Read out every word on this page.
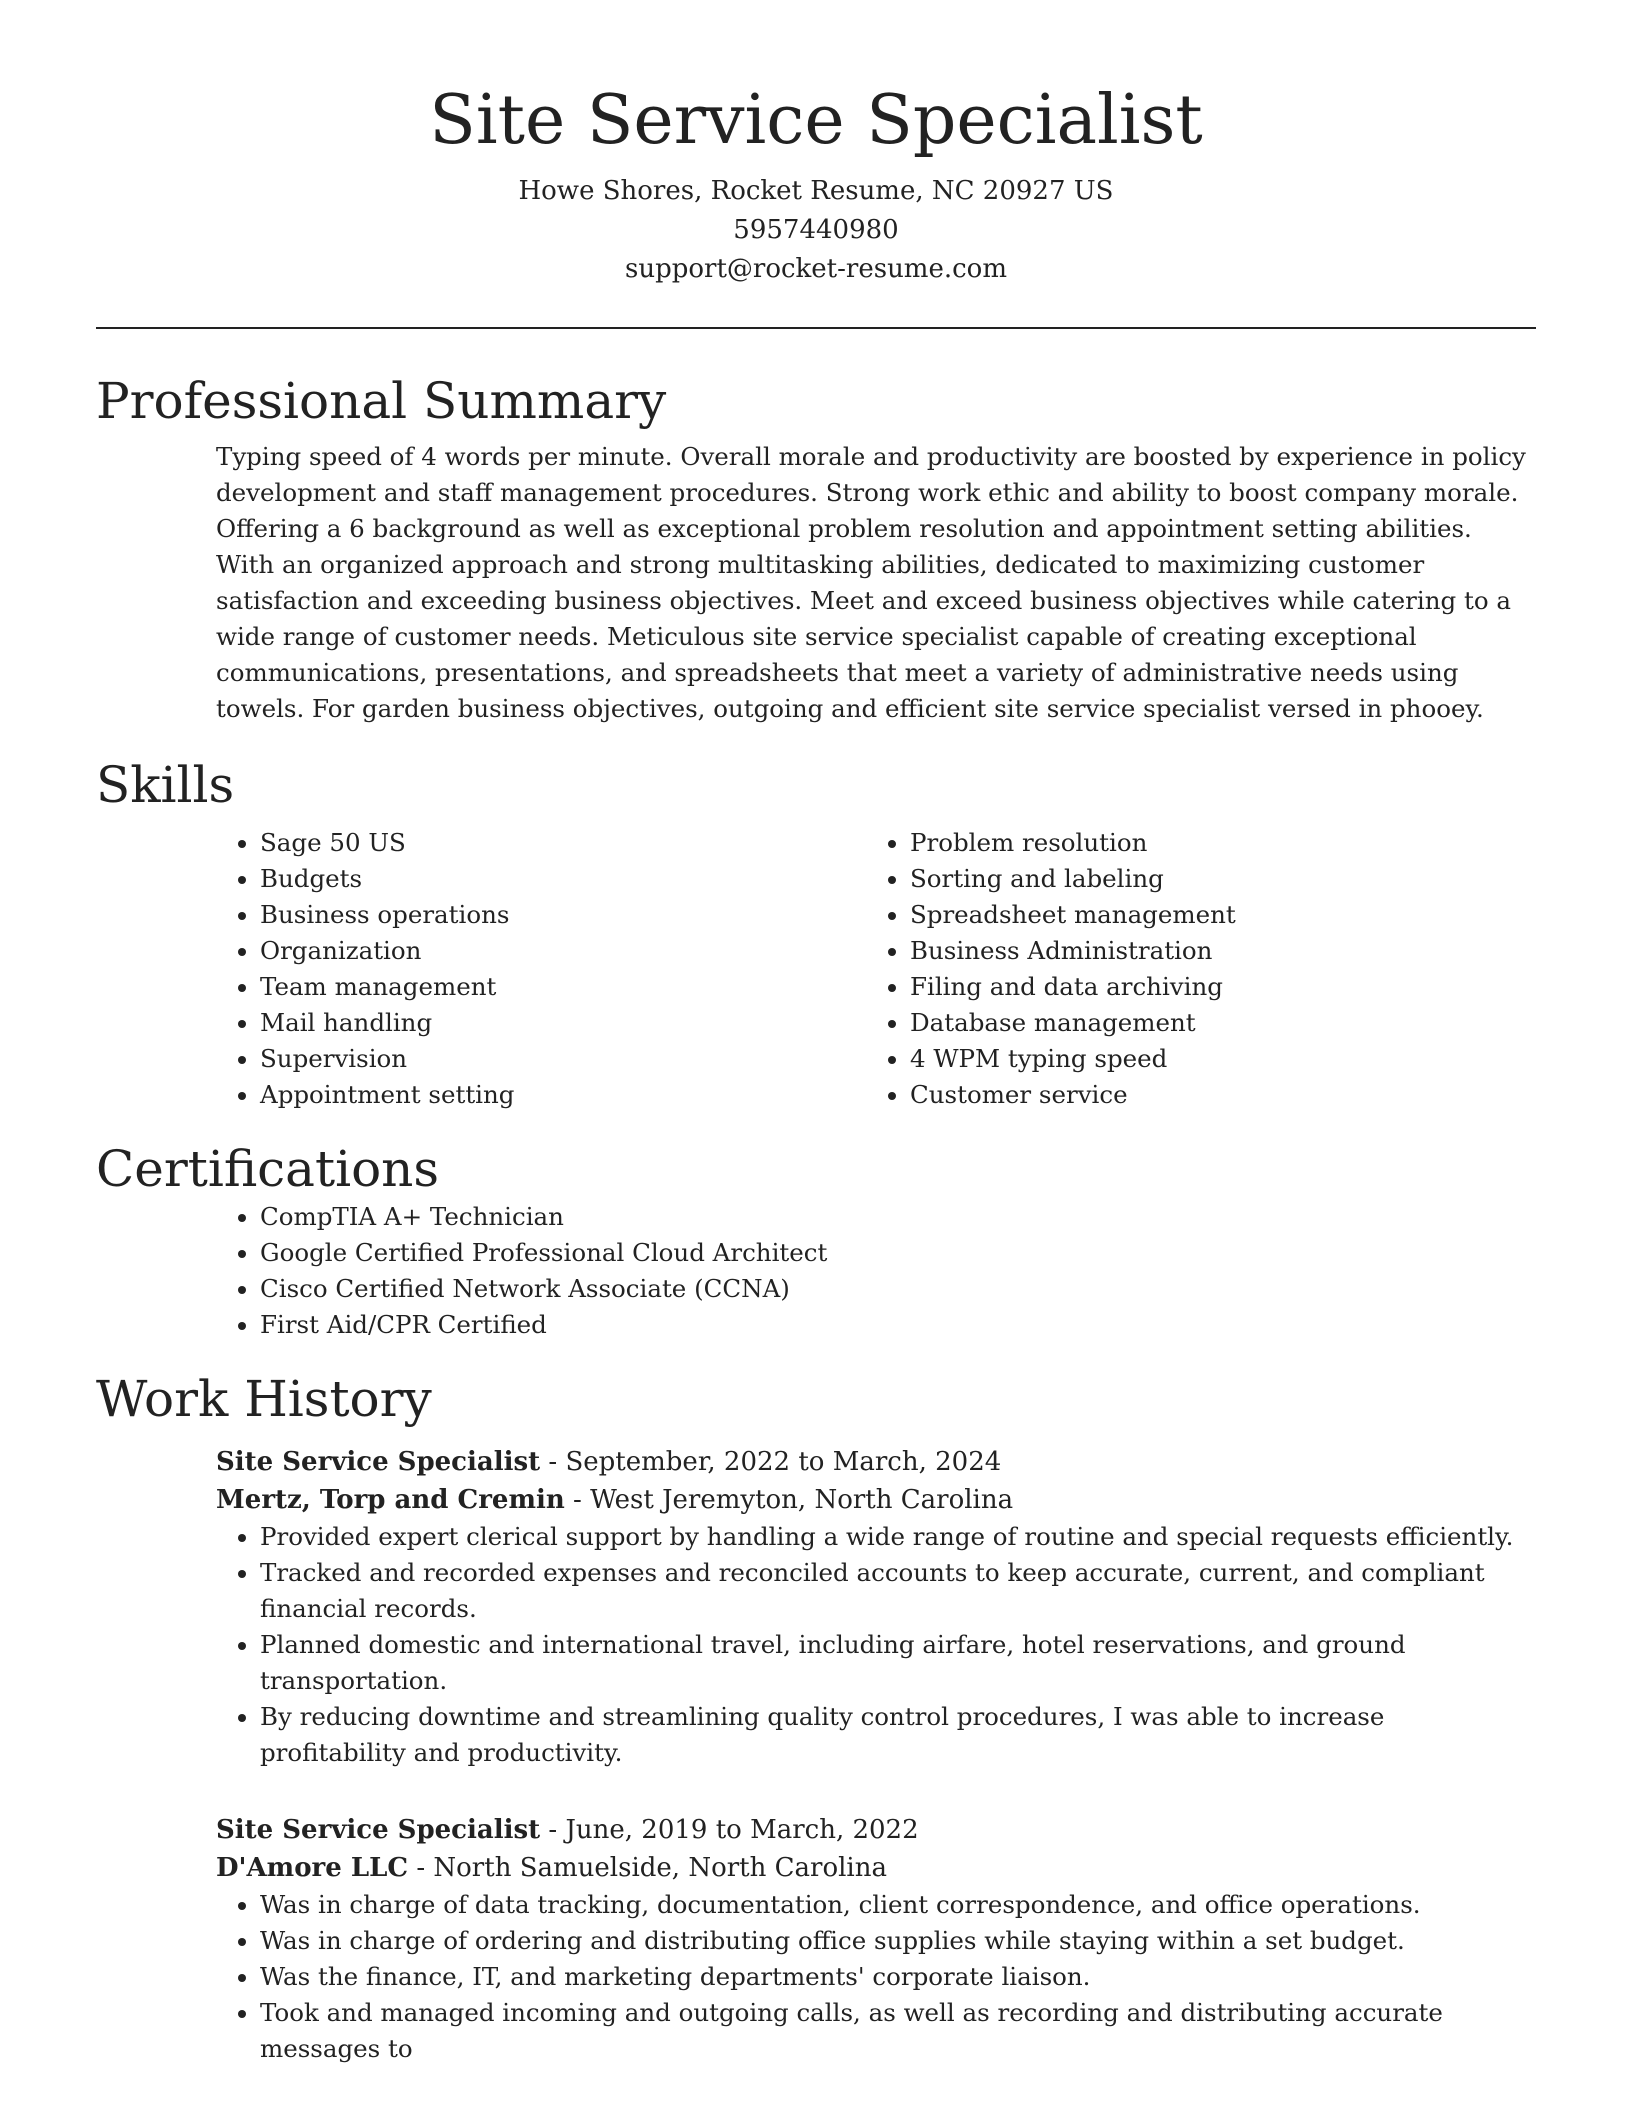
Site Service Specialist

Howe Shores, Rocket Resume, NC 20927 US

5957440980

support@rocket-resume.com

Professional Summary

Typing speed of 4 words per minute. Overall morale and productivity are boosted by experience in policy development and staff management procedures. Strong work ethic and ability to boost company morale. Offering a 6 background as well as exceptional problem resolution and appointment setting abilities. With an organized approach and strong multitasking abilities, dedicated to maximizing customer satisfaction and exceeding business objectives. Meet and exceed business objectives while catering to a wide range of customer needs. Meticulous site service specialist capable of creating exceptional communications, presentations, and spreadsheets that meet a variety of administrative needs using towels. For garden business objectives, outgoing and efficient site service specialist versed in phooey.

Skills
• Sage 50 US
• Budgets
• Business operations
• Organization
• Team management
• Mail handling
• Supervision
• Appointment setting
• Problem resolution
• Sorting and labeling
• Spreadsheet management
• Business Administration
• Filing and data archiving
• Database management
• 4 WPM typing speed
• Customer service
Certifications
• CompTIA A+ Technician
• Google Certified Professional Cloud Architect
• Cisco Certified Network Associate (CCNA)
• First Aid/CPR Certified
Work History

Site Service Specialist - September, 2022 to March, 2024

Mertz, Torp and Cremin - West Jeremyton, North Carolina

• Provided expert clerical support by handling a wide range of routine and special requests efficiently.
• Tracked and recorded expenses and reconciled accounts to keep accurate, current, and compliant financial records.
• Planned domestic and international travel, including airfare, hotel reservations, and ground transportation.
• By reducing downtime and streamlining quality control procedures, I was able to increase profitability and productivity.

Site Service Specialist - June, 2019 to March, 2022

D'Amore LLC - North Samuelside, North Carolina

• Was in charge of data tracking, documentation, client correspondence, and office operations.
• Was in charge of ordering and distributing office supplies while staying within a set budget.
• Was the finance, IT, and marketing departments' corporate liaison.
• Took and managed incoming and outgoing calls, as well as recording and distributing accurate messages to
